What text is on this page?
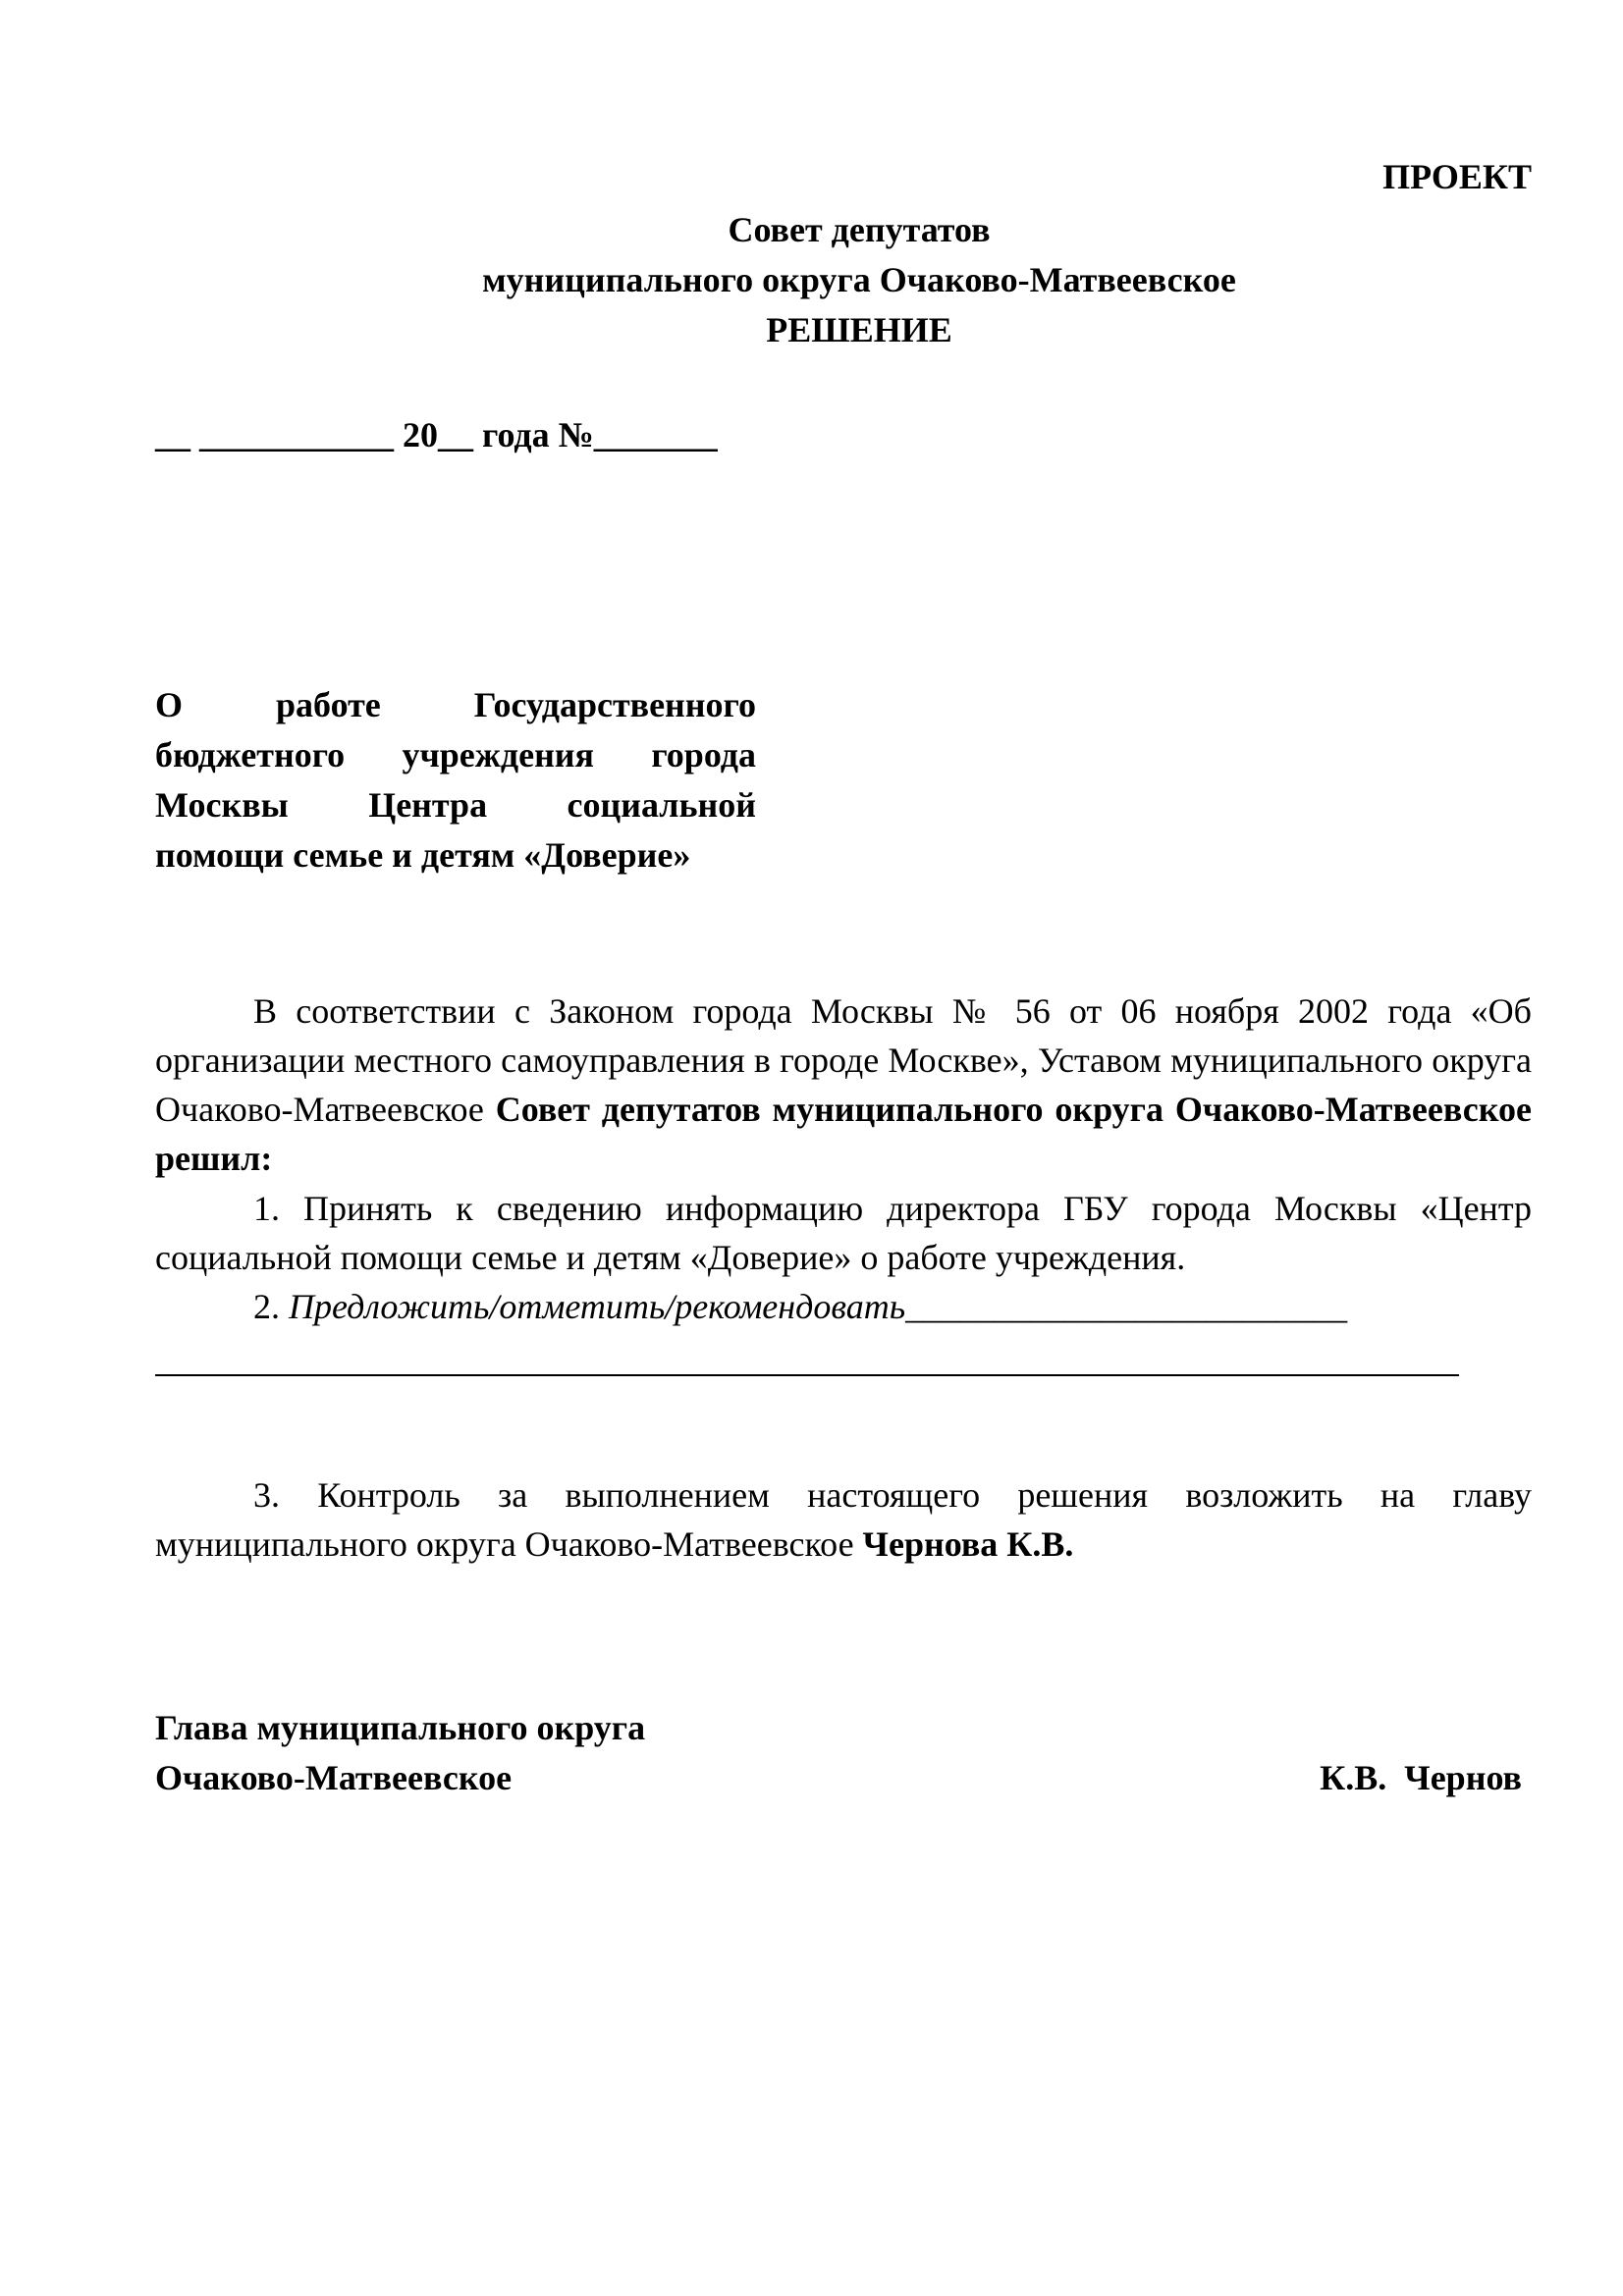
ПРОЕКТ
Совет депутатов
муниципального округа Очаково-Матвеевское
РЕШЕНИЕ
__ ___________ 20__ года №_______
О работе Государственного
бюджетного учреждения города
Москвы Центра социальной
помощи семье и детям «Доверие»

В соответствии с Законом города Москвы № 56 от 06 ноября 2002 года «Об организации местного самоуправления в городе Москве», Уставом муниципального округа Очаково-Матвеевское Совет депутатов муниципального округа Очаково-Матвеевское решил:

1. Принять к сведению информацию директора ГБУ города Москвы «Центр социальной помощи семье и детям «Доверие» о работе учреждения.

2. Предложить/отметить/рекомендовать_________________________

3. Контроль за выполнением настоящего решения возложить на главу муниципального округа Очаково-Матвеевское Чернова К.В.

Глава муниципального округа
Очаково-Матвеевское	К.В.  Чернов
